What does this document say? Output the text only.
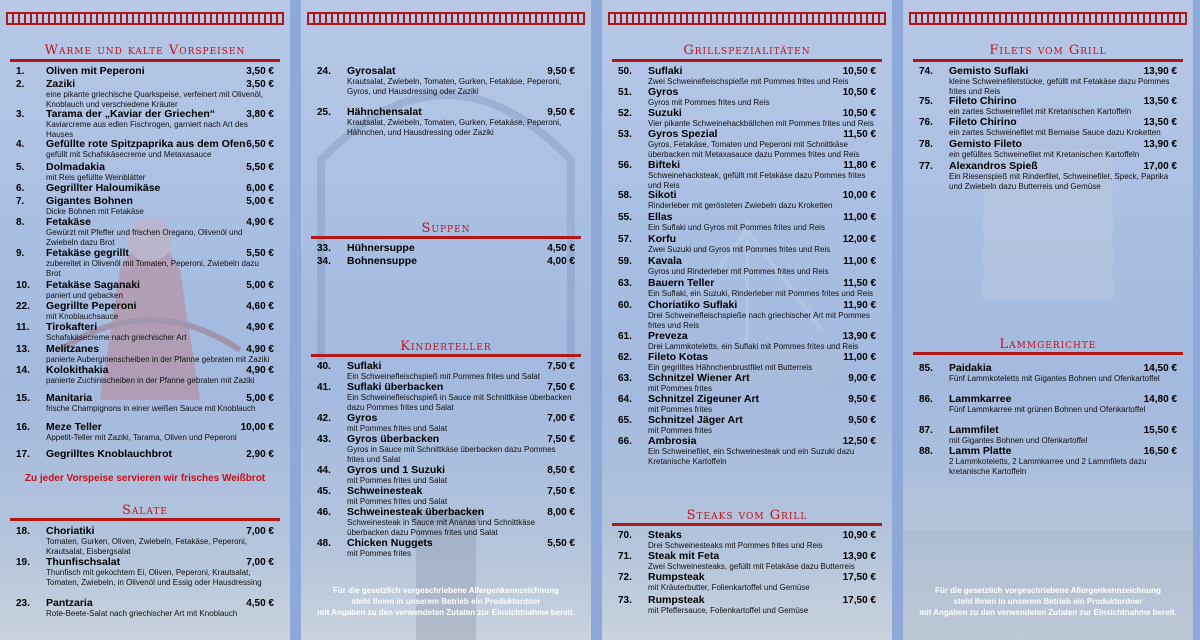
Warme und kalte Vorspeisen
1. Oliven mit Peperoni	3,50 €
2. Zaziki	3,50 €
eine pikante griechische Quarkspeise, verfeinert mit Olivenöl, Knoblauch und verschiedene Kräuter
3. Tarama der „Kaviar der Griechen“	3,80 €
Kaviarcreme aus edlen Fischrogen, garniert nach Art des Hauses
4. Gefüllte rote Spitzpaprika aus dem Ofen 6,50 €
gefüllt mit Schafskäsecreme und Metaxasauce
5. Dolmadakia	5,50 €
mit Reis gefüllte Weinblätter
6. Gegrillter Haloumikäse	6,00 €
7. Gigantes Bohnen	5,00 €
Dicke Bohnen mit Fetakäse
8. Fetakäse	4,90 €
Gewürzt mit Pfeffer und frischen Oregano, Olivenöl und Zwiebeln dazu Brot
9. Fetakäse gegrillt	5,50 €
zubereitet in Olivenöl mit Tomaten, Peperoni, Zwiebeln dazu Brot
10. Fetakäse Saganaki	5,00 €
paniert und gebacken
22. Gegrillte Peperoni	4,60 €
mit Knoblauchsauce
11. Tirokafteri	4,90 €
Schafskäsecreme nach griechischer Art
13. Melitzanes	4,90 €
panierte Auberginenscheiben in der Pfanne gebraten mit Zaziki
14. Kolokithakia	4,90 €
panierte Zuchinischeiben in der Pfanne gebraten mit Zaziki
15. Manitaria	5,00 €
frische Champignons in einer weißen Sauce mit Knoblauch
16. Meze Teller	10,00 €
Appetit-Teller mit Zaziki, Tarama, Oliven und Peperoni
17. Gegrilltes Knoblauchbrot	2,90 €
Zu jeder Vorspeise servieren wir frisches Weißbrot
Salate
18. Choriatiki	7,00 €
Tomaten, Gurken, Oliven, Zwiebeln, Fetakäse, Peperoni, Krautsalat, Eisbergsalat
19. Thunfischsalat	7,00 €
Thunfisch mit gekochtem Ei, Oliven, Peperoni, Krautsalat, Tomaten, Zwiebeln, in Olivenöl und Essig oder Hausdressing
23. Pantzaria	4,50 €
Rote-Beete-Salat nach griechischer Art mit Knoblauch
24. Gyrosalat	9,50 €
Krautsalat, Zwiebeln, Tomaten, Gurken, Fetakäse, Peperoni, Gyros, und Hausdressing oder Zaziki
25. Hähnchensalat	9,50 €
Krautsalat, Zwiebeln, Tomaten, Gurken, Fetakäse, Peperoni, Hähnchen, und Hausdressing oder Zaziki
Suppen
33. Hühnersuppe	4,50 €
34. Bohnensuppe	4,00 €
Kinderteller
40. Suflaki	7,50 €
Ein Schweinefleischspieß mit Pommes frites und Salat
41. Suflaki überbacken	7,50 €
Ein Schweinefleischspieß in Sauce mit Schnittkäse überbacken dazu Pommes frites und Salat
42. Gyros	7,00 €
mit Pommes frites und Salat
43. Gyros überbacken	7,50 €
Gyros in Sauce mit Schnittkäse überbacken dazu Pommes frites und Salat
44. Gyros und 1 Suzuki	8,50 €
mit Pommes frites und Salat
45. Schweinesteak	7,50 €
mit Pommes frites und Salat
46. Schweinesteak überbacken	8,00 €
Schweinesteak in Sauce mit Ananas und Schnittkäse überbacken dazu Pommes frites und Salat
48. Chicken Nuggets	5,50 €
mit Pommes frites
Für die gesetzlich vorgeschriebene Allergenkennzeichnung
steht Ihnen in unserem Betrieb ein Produktordner
mit Angaben zu den verwendeten Zutaten zur Einsichtnahme bereit.
Grillspezialitäten
50. Suflaki	10,50 €
Zwei Schweinefleischspieße mit Pommes frites und Reis
51. Gyros	10,50 €
Gyros mit Pommes frites und Reis
52. Suzuki	10,50 €
Vier pikante Schweinehackbällchen mit Pommes frites und Reis
53. Gyros Spezial	11,50 €
Gyros, Fetakäse, Tomaten und Peperoni mit Schnittkäse überbacken mit Metaxasauce dazu Pommes frites und Reis
56. Bifteki	11,80 €
Schweinehacksteak, gefüllt mit Fetakäse dazu Pommes frites und Reis
58. Sikoti	10,00 €
Rinderleber mit gerösteten Zwiebeln dazu Kroketten
55. Ellas	11,00 €
Ein Suflaki und Gyros mit Pommes frites und Reis
57. Korfu	12,00 €
Zwei Suzuki und Gyros mit Pommes frites und Reis
59. Kavala	11,00 €
Gyros und Rinderleber mit Pommes frites und Reis
63. Bauern Teller	11,50 €
Ein Suflaki, ein Suzuki, Rinderleber mit Pommes frites und Reis
60. Choriatiko Suflaki	11,90 €
Drei Schweinefleischspieße nach griechischer Art mit Pommes frites und Reis
61. Preveza	13,90 €
Drei Lammkoteletts, ein Suflaki mit Pommes frites und Reis
62. Fileto Kotas	11,00 €
Ein gegrilltes Hähnchenbrustfilet mit Butterreis
63. Schnitzel Wiener Art	9,00 €
mit Pommes frites
64. Schnitzel Zigeuner Art	9,50 €
mit Pommes frites
65. Schnitzel Jäger Art	9,50 €
mit Pommes frites
66. Ambrosia	12,50 €
Ein Schweinefilet, ein Schweinesteak und ein Suzuki dazu Kretanische Kartoffeln
Steaks vom Grill
70. Steaks	10,90 €
Drei Schweinesteaks mit Pommes frites und Reis
71. Steak mit Feta	13,90 €
Zwei Schweinesteaks, gefüllt mit Fetakäse dazu Butterreis
72. Rumpsteak	17,50 €
mit Kräuterbutter, Folienkartoffel und Gemüse
73. Rumpsteak	17,50 €
mit Pfeffersauce, Folienkartoffel und Gemüse
Filets vom Grill
74. Gemisto Suflaki	13,90 €
kleine Schweinefiletstücke, gefüllt mit Fetakäse dazu Pommes frites und Reis
75. Fileto Chirino	13,50 €
ein zartes Schweinefilet mit Kretanischen Kartoffeln
76. Fileto Chirino	13,50 €
ein zartes Schweinefilet mit Bernaise Sauce dazu Kroketten
78. Gemisto Fileto	13,90 €
ein gefülltes Schweinefilet mit Kretanischen Kartoffeln
77. Alexandros Spieß	17,00 €
Ein Riesenspieß mit Rinderfilet, Schweinefilet, Speck, Paprika und Zwiebeln dazu Butterreis und Gemüse
Lammgerichte
85. Paidakia	14,50 €
Fünf Lammkoteletts mit Gigantes Bohnen und Ofenkartoffel
86. Lammkarree	14,80 €
Fünf Lammkarree mit grünen Bohnen und Ofenkartoffel
87. Lammfilet	15,50 €
mit Gigantes Bohnen und Ofenkartoffel
88. Lamm Platte	16,50 €
2 Lammkoteletts, 2 Lammkarree und 2 Lammfilets dazu kretanische Kartoffeln
Für die gesetzlich vorgeschriebene Allergenkennzeichnung
steht Ihnen in unserem Betrieb ein Produktordner
mit Angaben zu den verwendeten Zutaten zur Einsichtnahme bereit.
